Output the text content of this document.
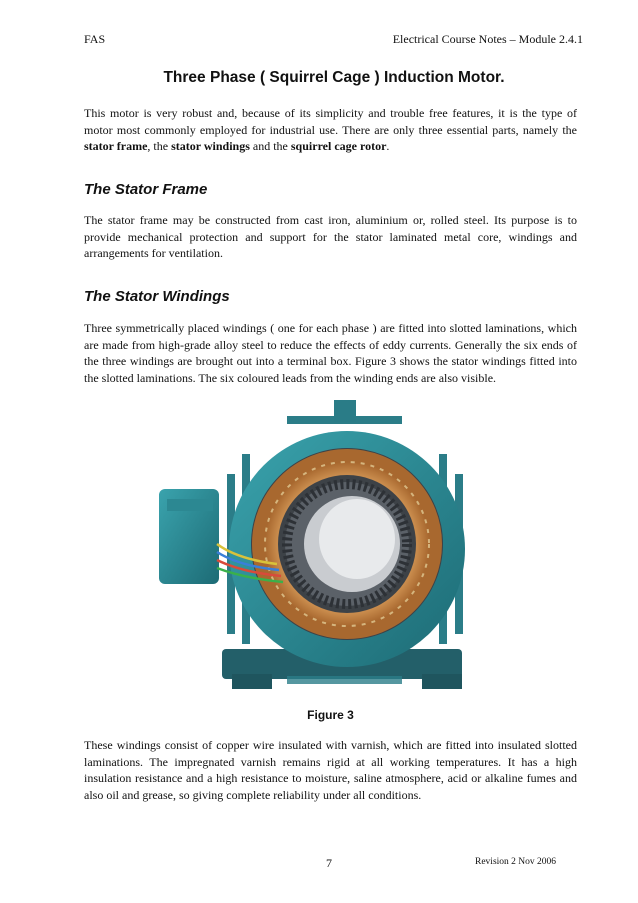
FAS	Electrical Course Notes – Module 2.4.1
Three Phase ( Squirrel Cage ) Induction Motor.

This motor is very robust and, because of its simplicity and trouble free features, it is the type of motor most commonly employed for industrial use. There are only three essential parts, namely the stator frame, the stator windings and the squirrel cage rotor.

The Stator Frame

The stator frame may be constructed from cast iron, aluminium or, rolled steel. Its purpose is to provide mechanical protection and support for the stator laminated metal core, windings and arrangements for ventilation.

The Stator Windings

Three symmetrically placed windings ( one for each phase ) are fitted into slotted laminations, which are made from high-grade alloy steel to reduce the effects of eddy currents. Generally the six ends of the three windings are brought out into a terminal box. Figure 3 shows the stator windings fitted into the slotted laminations. The six coloured leads from the winding ends are also visible.

Figure 3

These windings consist of copper wire insulated with varnish, which are fitted into insulated slotted laminations. The impregnated varnish remains rigid at all working temperatures. It has a high insulation resistance and a high resistance to moisture, saline atmosphere, acid or alkaline fumes and also oil and grease, so giving complete reliability under all conditions.

7	Revision 2 Nov 2006
